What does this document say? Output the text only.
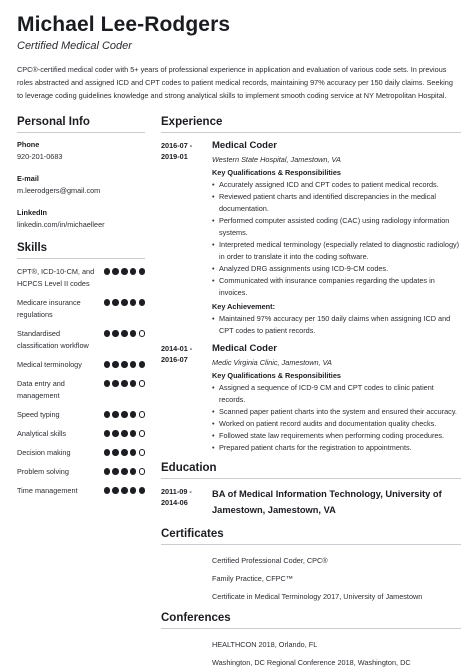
Michael Lee-Rodgers
Certified Medical Coder
CPC®-certified medical coder with 5+ years of professional experience in application and evaluation of various code sets. In previous roles abstracted and assigned ICD and CPT codes to patient medical records, maintaining 97% accuracy per 150 daily claims. Seeking to leverage coding guidelines knowledge and strong analytical skills to implement smooth coding service at NY Metropolitan Hospital.
Personal Info
Phone
920-201-0683
E-mail
m.leerodgers@gmail.com
LinkedIn
linkedin.com/in/michaelleer
Skills
CPT®, ICD-10-CM, and HCPCS Level II codes
Medicare insurance regulations
Standardised classification workflow
Medical terminology
Data entry and management
Speed typing
Analytical skills
Decision making
Problem solving
Time management
Experience
2016-07 -
2019-01
Medical Coder
Western State Hospital, Jamestown, VA
Key Qualifications & Responsibilities
• Accurately assigned ICD and CPT codes to patient medical records.
• Reviewed patient charts and identified discrepancies in the medical documentation.
• Performed computer assisted coding (CAC) using radiology information systems.
• Interpreted medical terminology (especially related to diagnostic radiology) in order to translate it into the coding software.
• Analyzed DRG assignments using ICD-9-CM codes.
• Communicated with insurance companies regarding the updates in invoices.
Key Achievement:
• Maintained 97% accuracy per 150 daily claims when assigning ICD and CPT codes to patient records.
2014-01 -
2016-07
Medical Coder
Medic Virginia Clinic, Jamestown, VA
Key Qualifications & Responsibilities
• Assigned a sequence of ICD-9 CM and CPT codes to clinic patient records.
• Scanned paper patient charts into the system and ensured their accuracy.
• Worked on patient record audits and documentation quality checks.
• Followed state law requirements when performing coding procedures.
• Prepared patient charts for the registration to appointments.
Education
2011-09 -
2014-06
BA of Medical Information Technology, University of Jamestown, Jamestown, VA
Certificates
Certified Professional Coder, CPC®
Family Practice, CFPC™
Certificate in Medical Terminology 2017, University of Jamestown
Conferences
HEALTHCON 2018, Orlando, FL
Washington, DC Regional Conference 2018, Washington, DC
